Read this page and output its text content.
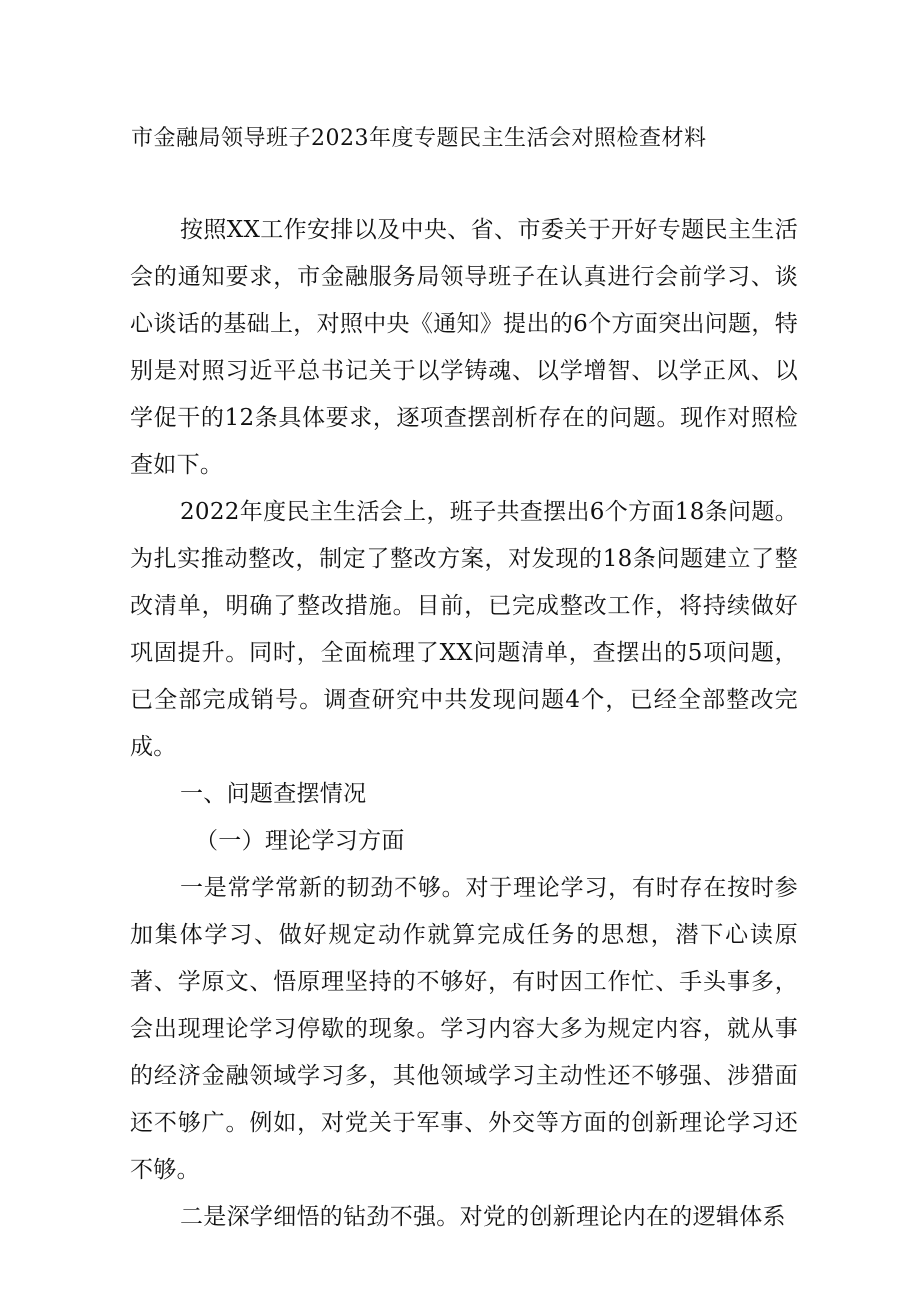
市金融局领导班子2023年度专题民主生活会对照检查材料

按照XX工作安排以及中央、省、市委关于开好专题民主生活会的通知要求，市金融服务局领导班子在认真进行会前学习、谈心谈话的基础上，对照中央《通知》提出的6个方面突出问题，特别是对照习近平总书记关于以学铸魂、以学增智、以学正风、以学促干的12条具体要求，逐项查摆剖析存在的问题。现作对照检查如下。

2022年度民主生活会上，班子共查摆出6个方面18条问题。为扎实推动整改，制定了整改方案，对发现的18条问题建立了整改清单，明确了整改措施。目前，已完成整改工作，将持续做好巩固提升。同时，全面梳理了XX问题清单，查摆出的5项问题，已全部完成销号。调查研究中共发现问题4个，已经全部整改完成。

一、问题查摆情况

（一）理论学习方面

一是常学常新的韧劲不够。对于理论学习，有时存在按时参加集体学习、做好规定动作就算完成任务的思想，潜下心读原著、学原文、悟原理坚持的不够好，有时因工作忙、手头事多，会出现理论学习停歇的现象。学习内容大多为规定内容，就从事的经济金融领域学习多，其他领域学习主动性还不够强、涉猎面还不够广。例如，对党关于军事、外交等方面的创新理论学习还不够。

二是深学细悟的钻劲不强。对党的创新理论内在的逻辑体系
